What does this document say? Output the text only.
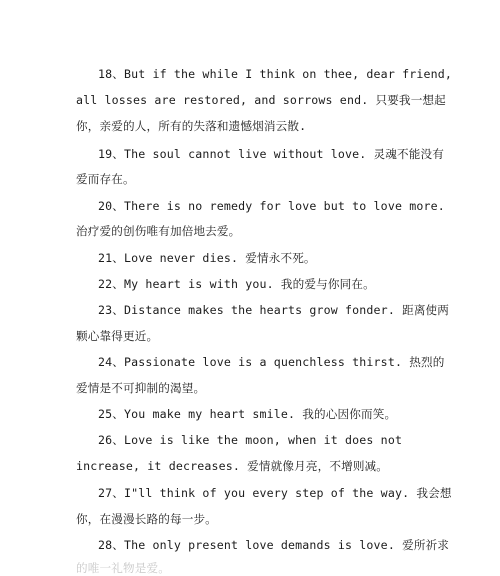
18、But if the while I think on thee, dear friend,
all losses are restored, and sorrows end. 只要我一想起
你，亲爱的人，所有的失落和遗憾烟消云散.
19、The soul cannot live without love. 灵魂不能没有
爱而存在。
20、There is no remedy for love but to love more.
治疗爱的创伤唯有加倍地去爱。
21、Love never dies. 爱情永不死。
22、My heart is with you. 我的爱与你同在。
23、Distance makes the hearts grow fonder. 距离使两
颗心靠得更近。
24、Passionate love is a quenchless thirst. 热烈的
爱情是不可抑制的渴望。
25、You make my heart smile. 我的心因你而笑。
26、Love is like the moon, when it does not
increase, it decreases. 爱情就像月亮，不增则减。
27、I"ll think of you every step of the way. 我会想
你，在漫漫长路的每一步。
28、The only present love demands is love. 爱所祈求
的唯一礼物是爱。
